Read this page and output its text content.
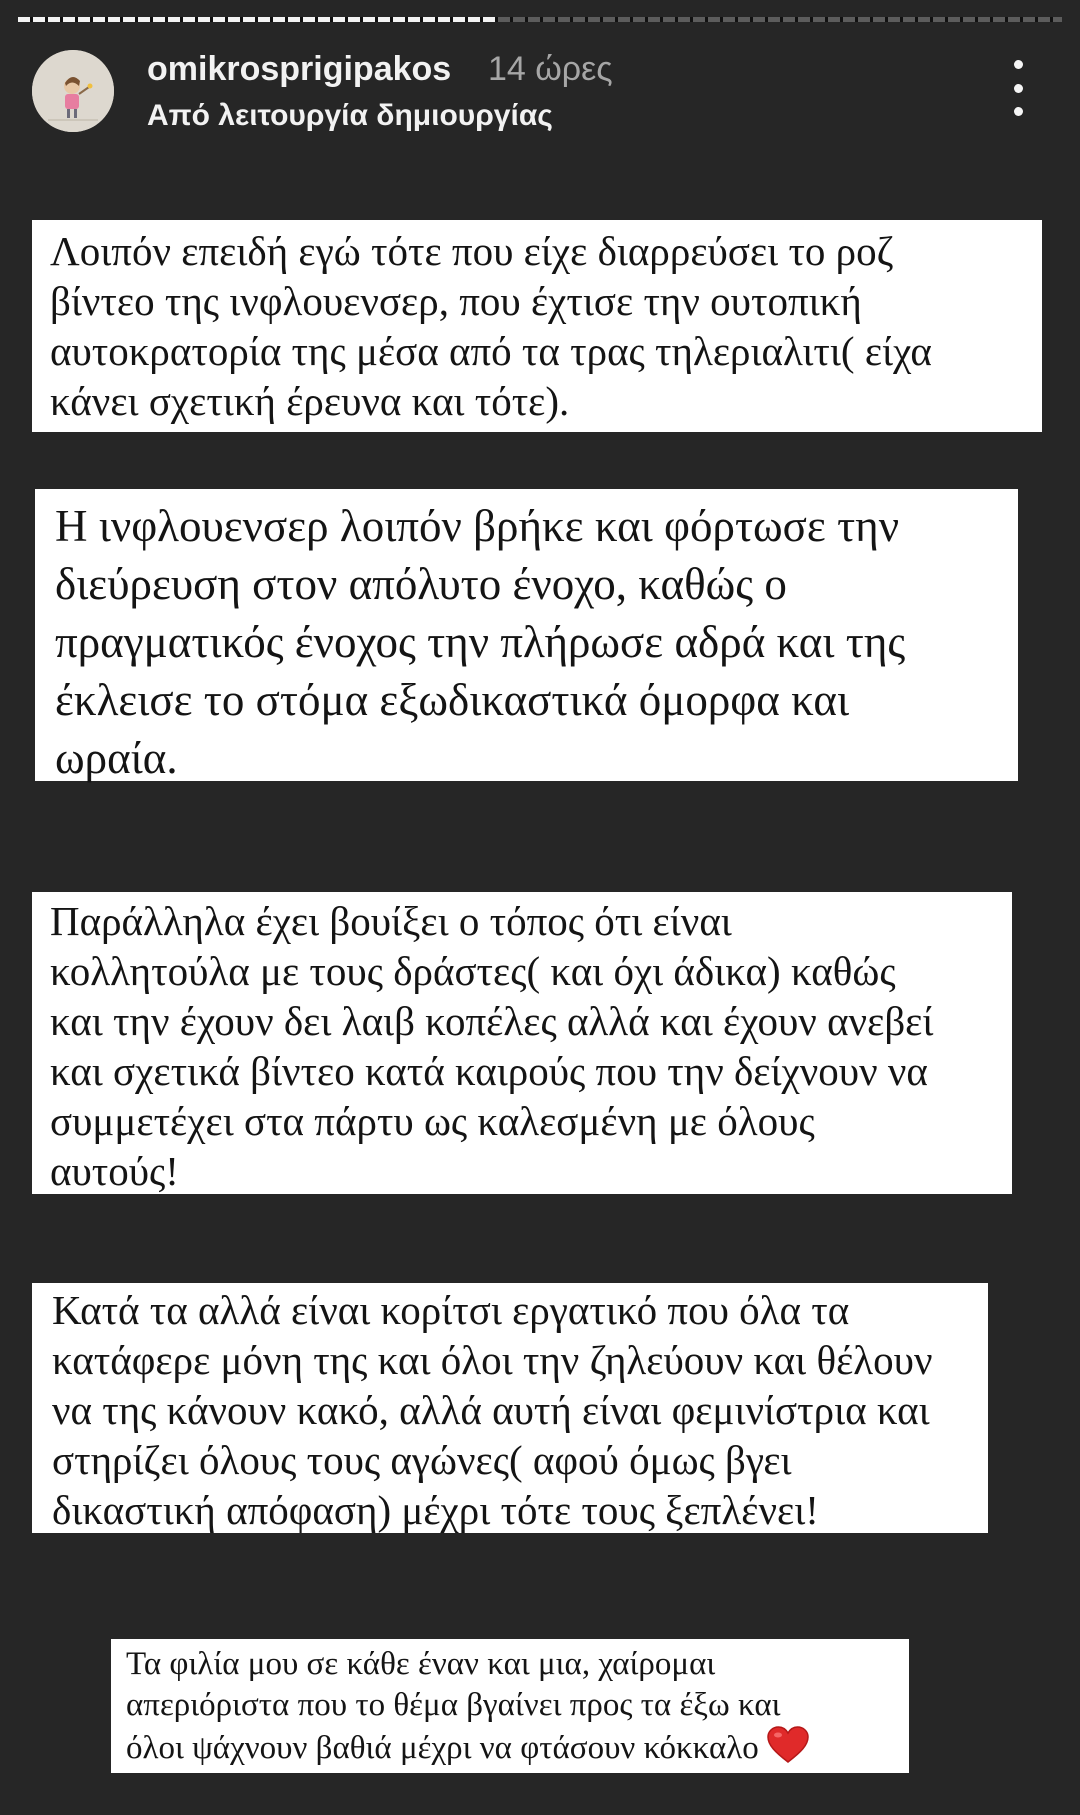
omikrosprigipakos 14 ώρες
Από λειτουργία δημιουργίας
Λοιπόν επειδή εγώ τότε που είχε διαρρεύσει το ροζ
βίντεο της ινφλουενσερ, που έχτισε την ουτοπική
αυτοκρατορία της μέσα από τα τρας τηλεριαλιτι( είχα
κάνει σχετική έρευνα και τότε).
Η ινφλουενσερ λοιπόν βρήκε και φόρτωσε την
διεύρευση στον απόλυτο ένοχο, καθώς ο
πραγματικός ένοχος την πλήρωσε αδρά και της
έκλεισε το στόμα εξωδικαστικά όμορφα και
ωραία.
Παράλληλα έχει βουίξει ο τόπος ότι είναι
κολλητούλα με τους δράστες( και όχι άδικα) καθώς
και την έχουν δει λαιβ κοπέλες αλλά και έχουν ανεβεί
και σχετικά βίντεο κατά καιρούς που την δείχνουν να
συμμετέχει στα πάρτυ ως καλεσμένη με όλους
αυτούς!
Κατά τα αλλά είναι κορίτσι εργατικό που όλα τα
κατάφερε μόνη της και όλοι την ζηλεύουν και θέλουν
να της κάνουν κακό, αλλά αυτή είναι φεμινίστρια και
στηρίζει όλους τους αγώνες( αφού όμως βγει
δικαστική απόφαση) μέχρι τότε τους ξεπλένει!
Τα φιλία μου σε κάθε έναν και μια, χαίρομαι
απεριόριστα που το θέμα βγαίνει προς τα έξω και
όλοι ψάχνουν βαθιά μέχρι να φτάσουν κόκκαλο
